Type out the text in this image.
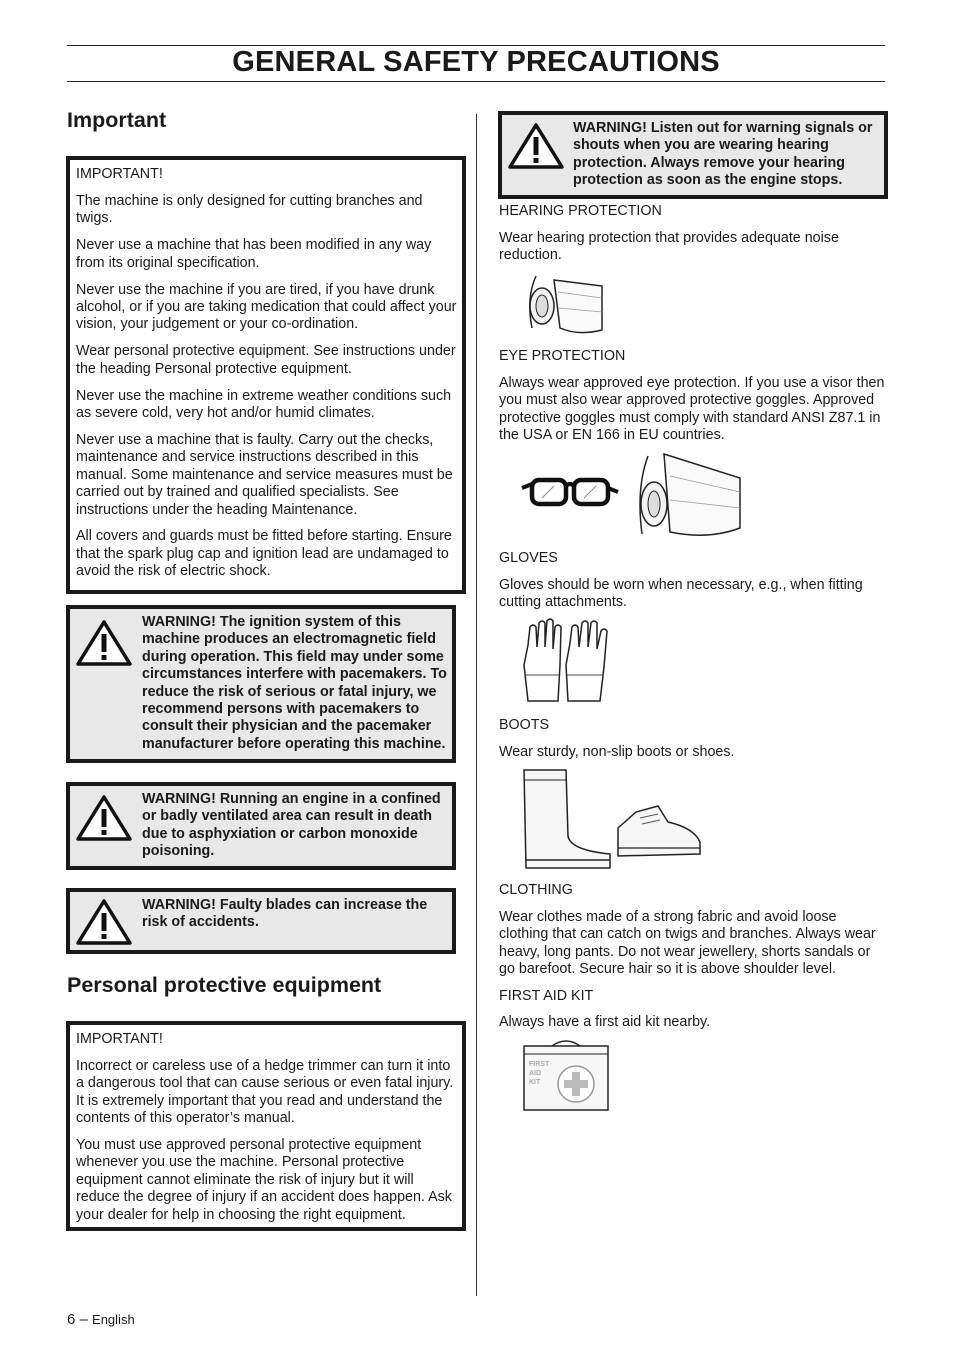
GENERAL SAFETY PRECAUTIONS
Important

IMPORTANT!

The machine is only designed for cutting branches and twigs.

Never use a machine that has been modified in any way from its original specification.

Never use the machine if you are tired, if you have drunk alcohol, or if you are taking medication that could affect your vision, your judgement or your co-ordination.

Wear personal protective equipment. See instructions under the heading Personal protective equipment.

Never use the machine in extreme weather conditions such as severe cold, very hot and/or humid climates.

Never use a machine that is faulty. Carry out the checks, maintenance and service instructions described in this manual. Some maintenance and service measures must be carried out by trained and qualified specialists. See instructions under the heading Maintenance.

All covers and guards must be fitted before starting. Ensure that the spark plug cap and ignition lead are undamaged to avoid the risk of electric shock.

WARNING! The ignition system of this machine produces an electromagnetic field during operation. This field may under some circumstances interfere with pacemakers. To reduce the risk of serious or fatal injury, we recommend persons with pacemakers to consult their physician and the pacemaker manufacturer before operating this machine.
WARNING! Running an engine in a confined or badly ventilated area can result in death due to asphyxiation or carbon monoxide poisoning.
WARNING! Faulty blades can increase the risk of accidents.
Personal protective equipment

IMPORTANT!

Incorrect or careless use of a hedge trimmer can turn it into a dangerous tool that can cause serious or even fatal injury. It is extremely important that you read and understand the contents of this operator’s manual.

You must use approved personal protective equipment whenever you use the machine. Personal protective equipment cannot eliminate the risk of injury but it will reduce the degree of injury if an accident does happen. Ask your dealer for help in choosing the right equipment.

WARNING! Listen out for warning signals or shouts when you are wearing hearing protection. Always remove your hearing protection as soon as the engine stops.
HEARING PROTECTION
Wear hearing protection that provides adequate noise reduction.
EYE PROTECTION
Always wear approved eye protection. If you use a visor then you must also wear approved protective goggles. Approved protective goggles must comply with standard ANSI Z87.1 in the USA or EN 166 in EU countries.
GLOVES
Gloves should be worn when necessary, e.g., when fitting cutting attachments.
BOOTS
Wear sturdy, non-slip boots or shoes.
CLOTHING
Wear clothes made of a strong fabric and avoid loose clothing that can catch on twigs and branches. Always wear heavy, long pants. Do not wear jewellery, shorts sandals or go barefoot. Secure hair so it is above shoulder level.
FIRST AID KIT
Always have a first aid kit nearby.
FIRST
AID
KIT
6 – English
